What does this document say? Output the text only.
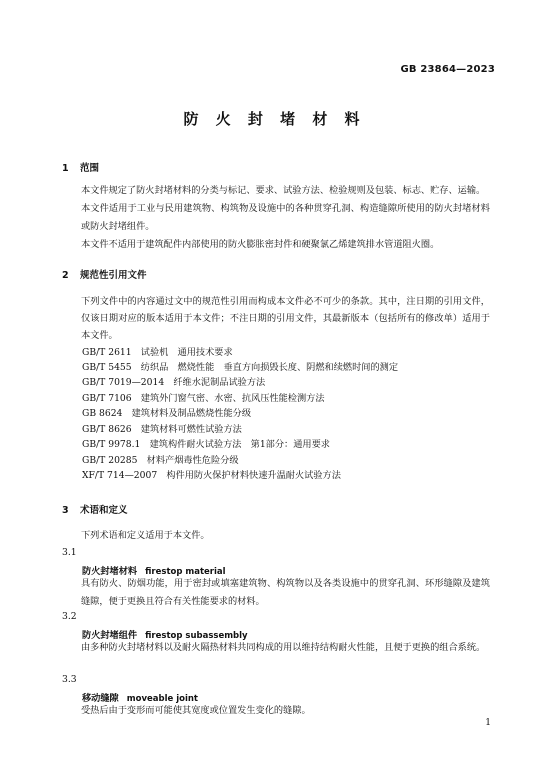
GB 23864—2023
防 火 封 堵 材 料
1 范围
本文件规定了防火封堵材料的分类与标记、要求、试验方法、检验规则及包装、标志、贮存、运输。
本文件适用于工业与民用建筑物、构筑物及设施中的各种贯穿孔洞、构造缝隙所使用的防火封堵材料或防火封堵组件。
本文件不适用于建筑配件内部使用的防火膨胀密封件和硬聚氯乙烯建筑排水管道阻火圈。
2 规范性引用文件
下列文件中的内容通过文中的规范性引用而构成本文件必不可少的条款。其中，注日期的引用文件，仅该日期对应的版本适用于本文件；不注日期的引用文件，其最新版本（包括所有的修改单）适用于本文件。
GB/T 2611　试验机　通用技术要求
GB/T 5455　纺织品　燃烧性能　垂直方向损毁长度、阴燃和续燃时间的测定
GB/T 7019—2014　纤维水泥制品试验方法
GB/T 7106　建筑外门窗气密、水密、抗风压性能检测方法
GB 8624　建筑材料及制品燃烧性能分级
GB/T 8626　建筑材料可燃性试验方法
GB/T 9978.1　建筑构件耐火试验方法　第1部分：通用要求
GB/T 20285　材料产烟毒性危险分级
XF/T 714—2007　构件用防火保护材料快速升温耐火试验方法
3 术语和定义
下列术语和定义适用于本文件。
3.1
防火封堵材料 firestop material
具有防火、防烟功能，用于密封或填塞建筑物、构筑物以及各类设施中的贯穿孔洞、环形缝隙及建筑缝隙，便于更换且符合有关性能要求的材料。
3.2
防火封堵组件 firestop subassembly
由多种防火封堵材料以及耐火隔热材料共同构成的用以维持结构耐火性能，且便于更换的组合系统。
3.3
移动缝隙 moveable joint
受热后由于变形而可能使其宽度或位置发生变化的缝隙。
1
